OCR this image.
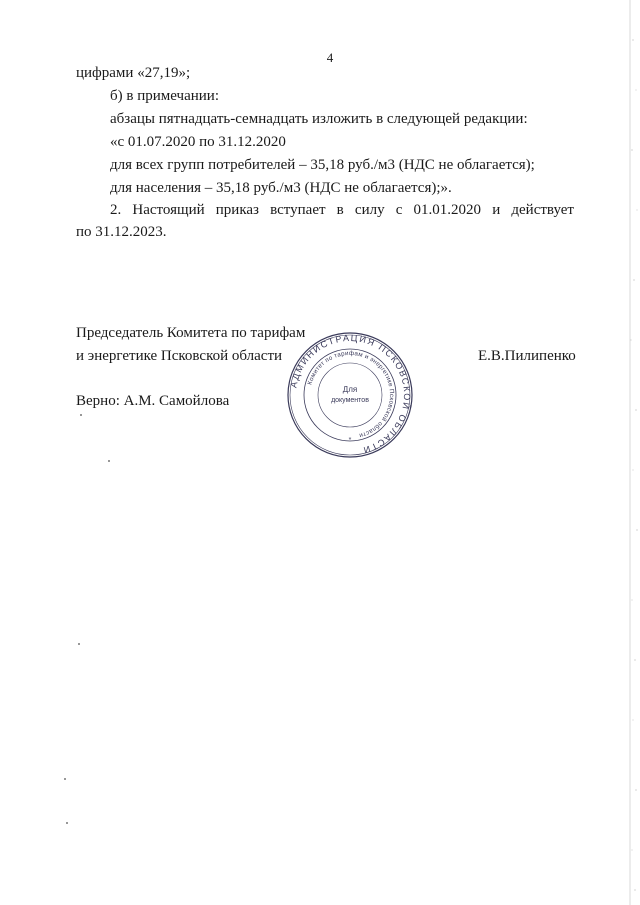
4
цифрами «27,19»;
б) в примечании:
абзацы пятнадцать-семнадцать изложить в следующей редакции:
«с 01.07.2020 по 31.12.2020
для всех групп потребителей – 35,18 руб./м3 (НДС не облагается);
для населения – 35,18 руб./м3 (НДС не облагается);».
2. Настоящий приказ вступает в силу с 01.01.2020 и действует
по 31.12.2023.
Председатель Комитета по тарифам
и энергетике Псковской области	Е.В.Пилипенко
Верно: А.М. Самойлова
АДМИНИСТРАЦИЯ ПСКОВСКОЙ ОБЛАСТИ
Комитет по тарифам и энергетике Псковской области
Для
документов
*
